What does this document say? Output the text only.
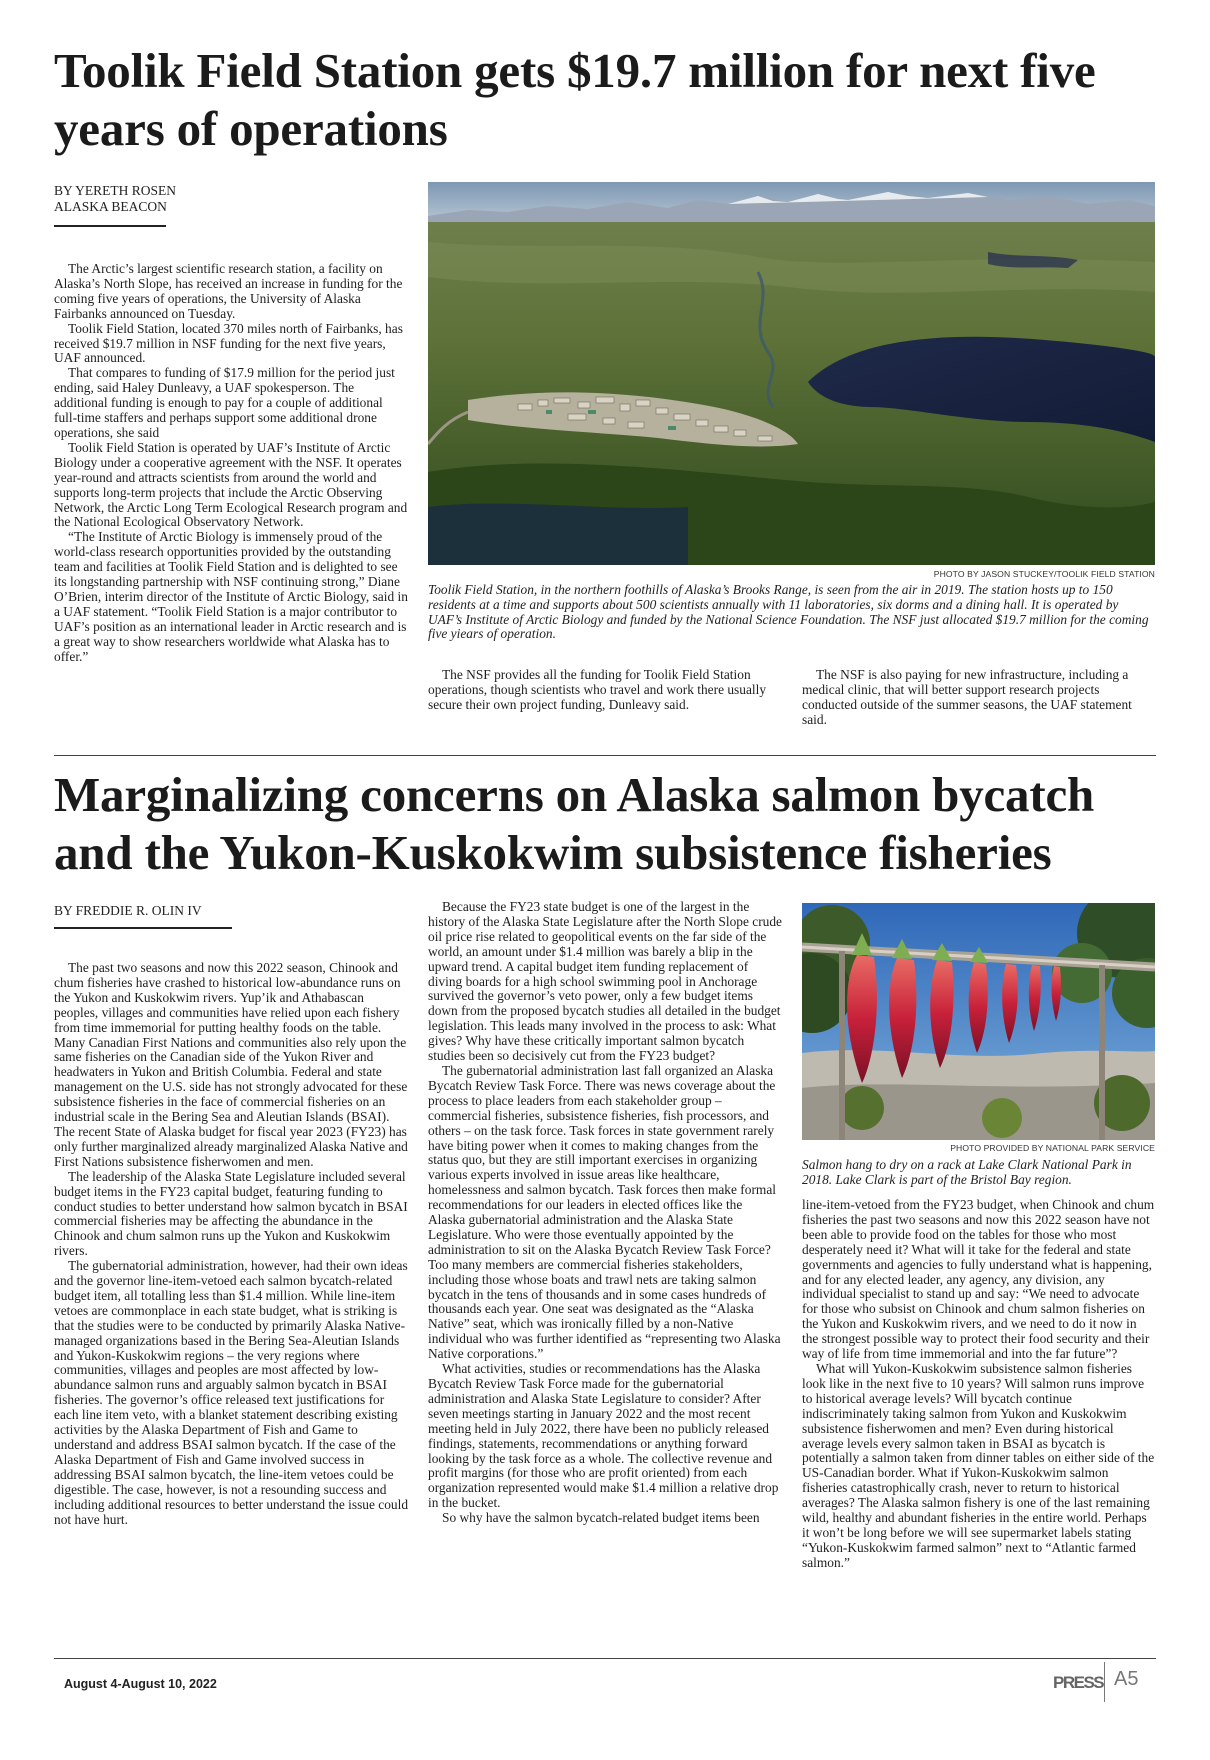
Toolik Field Station gets $19.7 million for next five years of operations
BY YERETH ROSEN
ALASKA BEACON

The Arctic’s largest scientific research station, a facility on Alaska’s North Slope, has received an increase in funding for the coming five years of operations, the University of Alaska Fairbanks announced on Tuesday.

Toolik Field Station, located 370 miles north of Fairbanks, has received $19.7 million in NSF funding for the next five years, UAF announced.

That compares to funding of $17.9 million for the period just ending, said Haley Dunleavy, a UAF spokesperson. The additional funding is enough to pay for a couple of additional full-time staffers and perhaps support some additional drone operations, she said

Toolik Field Station is operated by UAF’s Institute of Arctic Biology under a cooperative agreement with the NSF. It operates year-round and attracts scientists from around the world and supports long-term projects that include the Arctic Observing Network, the Arctic Long Term Ecological Research program and the National Ecological Observatory Network.

“The Institute of Arctic Biology is immensely proud of the world-class research opportunities provided by the outstanding team and facilities at Toolik Field Station and is delighted to see its longstanding partnership with NSF continuing strong,” Diane O’Brien, interim director of the Institute of Arctic Biology, said in a UAF statement. “Toolik Field Station is a major contributor to UAF’s position as an international leader in Arctic research and is a great way to show researchers worldwide what Alaska has to offer.”

PHOTO BY JASON STUCKEY/TOOLIK FIELD STATION
Toolik Field Station, in the northern foothills of Alaska’s Brooks Range, is seen from the air in 2019. The station hosts up to 150 residents at a time and supports about 500 scientists annually with 11 laboratories, six dorms and a dining hall. It is operated by UAF’s Institute of Arctic Biology and funded by the National Science Foundation. The NSF just allocated $19.7 million for the coming five yiears of operation.

The NSF provides all the funding for Toolik Field Station operations, though scientists who travel and work there usually secure their own project funding, Dunleavy said.

The NSF is also paying for new infrastructure, including a medical clinic, that will better support research projects conducted outside of the summer seasons, the UAF statement said.

Marginalizing concerns on Alaska salmon bycatch and the Yukon-Kuskokwim subsistence fisheries
BY FREDDIE R. OLIN IV

The past two seasons and now this 2022 season, Chinook and chum fisheries have crashed to historical low-abundance runs on the Yukon and Kuskokwim rivers. Yup’ik and Athabascan peoples, villages and communities have relied upon each fishery from time immemorial for putting healthy foods on the table. Many Canadian First Nations and communities also rely upon the same fisheries on the Canadian side of the Yukon River and headwaters in Yukon and British Columbia. Federal and state management on the U.S. side has not strongly advocated for these subsistence fisheries in the face of commercial fisheries on an industrial scale in the Bering Sea and Aleutian Islands (BSAI). The recent State of Alaska budget for fiscal year 2023 (FY23) has only further marginalized already marginalized Alaska Native and First Nations subsistence fisherwomen and men.

The leadership of the Alaska State Legislature included several budget items in the FY23 capital budget, featuring funding to conduct studies to better understand how salmon bycatch in BSAI commercial fisheries may be affecting the abundance in the Chinook and chum salmon runs up the Yukon and Kuskokwim rivers.

The gubernatorial administration, however, had their own ideas and the governor line-item-vetoed each salmon bycatch-related budget item, all totalling less than $1.4 million. While line-item vetoes are commonplace in each state budget, what is striking is that the studies were to be conducted by primarily Alaska Native-managed organizations based in the Bering Sea-Aleutian Islands and Yukon-Kuskokwim regions – the very regions where communities, villages and peoples are most affected by low-abundance salmon runs and arguably salmon bycatch in BSAI fisheries. The governor’s office released text justifications for each line item veto, with a blanket statement describing existing activities by the Alaska Department of Fish and Game to understand and address BSAI salmon bycatch. If the case of the Alaska Department of Fish and Game involved success in addressing BSAI salmon bycatch, the line-item vetoes could be digestible. The case, however, is not a resounding success and including additional resources to better understand the issue could not have hurt.

Because the FY23 state budget is one of the largest in the history of the Alaska State Legislature after the North Slope crude oil price rise related to geopolitical events on the far side of the world, an amount under $1.4 million was barely a blip in the upward trend. A capital budget item funding replacement of diving boards for a high school swimming pool in Anchorage survived the governor’s veto power, only a few budget items down from the proposed bycatch studies all detailed in the budget legislation. This leads many involved in the process to ask: What gives? Why have these critically important salmon bycatch studies been so decisively cut from the FY23 budget?

The gubernatorial administration last fall organized an Alaska Bycatch Review Task Force. There was news coverage about the process to place leaders from each stakeholder group – commercial fisheries, subsistence fisheries, fish processors, and others – on the task force. Task forces in state government rarely have biting power when it comes to making changes from the status quo, but they are still important exercises in organizing various experts involved in issue areas like healthcare, homelessness and salmon bycatch. Task forces then make formal recommendations for our leaders in elected offices like the Alaska gubernatorial administration and the Alaska State Legislature. Who were those eventually appointed by the administration to sit on the Alaska Bycatch Review Task Force? Too many members are commercial fisheries stakeholders, including those whose boats and trawl nets are taking salmon bycatch in the tens of thousands and in some cases hundreds of thousands each year. One seat was designated as the “Alaska Native” seat, which was ironically filled by a non-Native individual who was further identified as “representing two Alaska Native corporations.”

What activities, studies or recommendations has the Alaska Bycatch Review Task Force made for the gubernatorial administration and Alaska State Legislature to consider? After seven meetings starting in January 2022 and the most recent meeting held in July 2022, there have been no publicly released findings, statements, recommendations or anything forward looking by the task force as a whole. The collective revenue and profit margins (for those who are profit oriented) from each organization represented would make $1.4 million a relative drop in the bucket.

So why have the salmon bycatch-related budget items been

PHOTO PROVIDED BY NATIONAL PARK SERVICE
Salmon hang to dry on a rack at Lake Clark National Park in 2018. Lake Clark is part of the Bristol Bay region.

line-item-vetoed from the FY23 budget, when Chinook and chum fisheries the past two seasons and now this 2022 season have not been able to provide food on the tables for those who most desperately need it? What will it take for the federal and state governments and agencies to fully understand what is happening, and for any elected leader, any agency, any division, any individual specialist to stand up and say: “We need to advocate for those who subsist on Chinook and chum salmon fisheries on the Yukon and Kuskokwim rivers, and we need to do it now in the strongest possible way to protect their food security and their way of life from time immemorial and into the far future”?

What will Yukon-Kuskokwim subsistence salmon fisheries look like in the next five to 10 years? Will salmon runs improve to historical average levels? Will bycatch continue indiscriminately taking salmon from Yukon and Kuskokwim subsistence fisherwomen and men? Even during historical average levels every salmon taken in BSAI as bycatch is potentially a salmon taken from dinner tables on either side of the US-Canadian border. What if Yukon-Kuskokwim salmon fisheries catastrophically crash, never to return to historical averages? The Alaska salmon fishery is one of the last remaining wild, healthy and abundant fisheries in the entire world. Perhaps it won’t be long before we will see supermarket labels stating “Yukon-Kuskokwim farmed salmon” next to “Atlantic farmed salmon.”

August 4-August 10, 2022	PRESS A5
